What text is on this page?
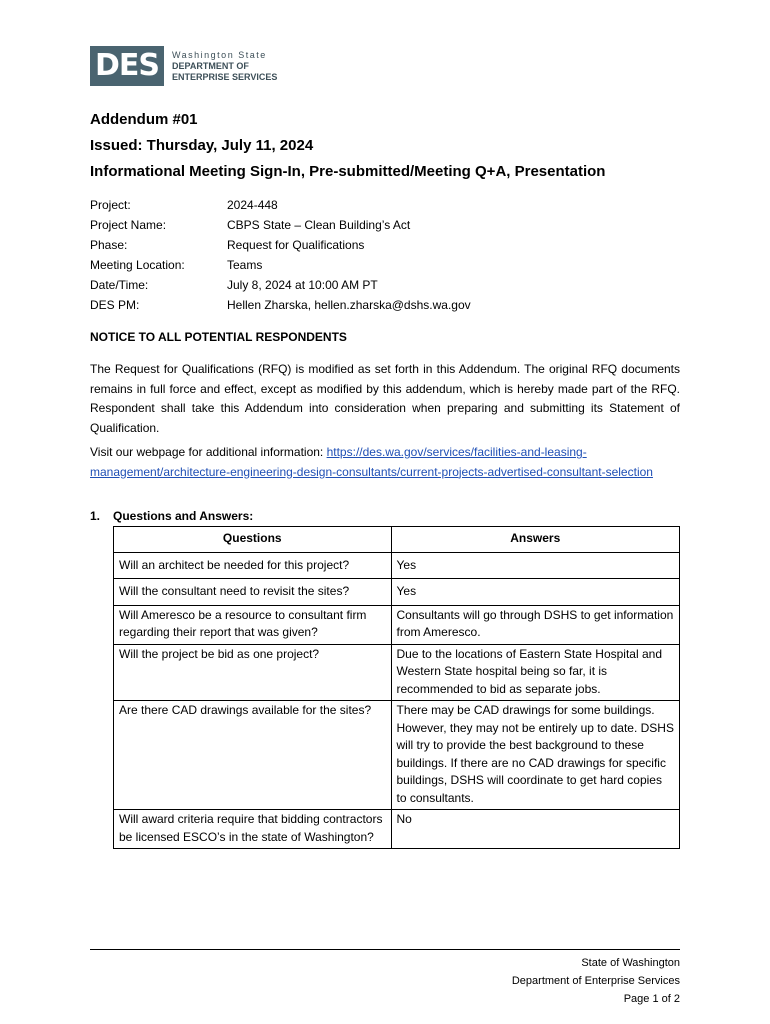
DES	Washington State
DEPARTMENT OF
ENTERPRISE SERVICES
Addendum #01
Issued: Thursday, July 11, 2024
Informational Meeting Sign-In, Pre-submitted/Meeting Q+A, Presentation
Project:	2024-448
Project Name:	CBPS State – Clean Building’s Act
Phase:	Request for Qualifications
Meeting Location:	Teams
Date/Time:	July 8, 2024 at 10:00 AM PT
DES PM:	Hellen Zharska, hellen.zharska@dshs.wa.gov
NOTICE TO ALL POTENTIAL RESPONDENTS
The Request for Qualifications (RFQ) is modified as set forth in this Addendum. The original RFQ documents remains in full force and effect, except as modified by this addendum, which is hereby made part of the RFQ. Respondent shall take this Addendum into consideration when preparing and submitting its Statement of Qualification.
Visit our webpage for additional information: https://des.wa.gov/services/facilities-and-leasing-management/architecture-engineering-design-consultants/current-projects-advertised-consultant-selection
1. Questions and Answers:
Questions	Answers
Will an architect be needed for this project?	Yes
Will the consultant need to revisit the sites?	Yes
Will Ameresco be a resource to consultant firm regarding their report that was given?	Consultants will go through DSHS to get information from Ameresco.
Will the project be bid as one project?	Due to the locations of Eastern State Hospital and Western State hospital being so far, it is recommended to bid as separate jobs.
Are there CAD drawings available for the sites?	There may be CAD drawings for some buildings. However, they may not be entirely up to date. DSHS will try to provide the best background to these buildings. If there are no CAD drawings for specific buildings, DSHS will coordinate to get hard copies to consultants.
Will award criteria require that bidding contractors be licensed ESCO’s in the state of Washington?	No
State of Washington
Department of Enterprise Services
Page 1 of 2
